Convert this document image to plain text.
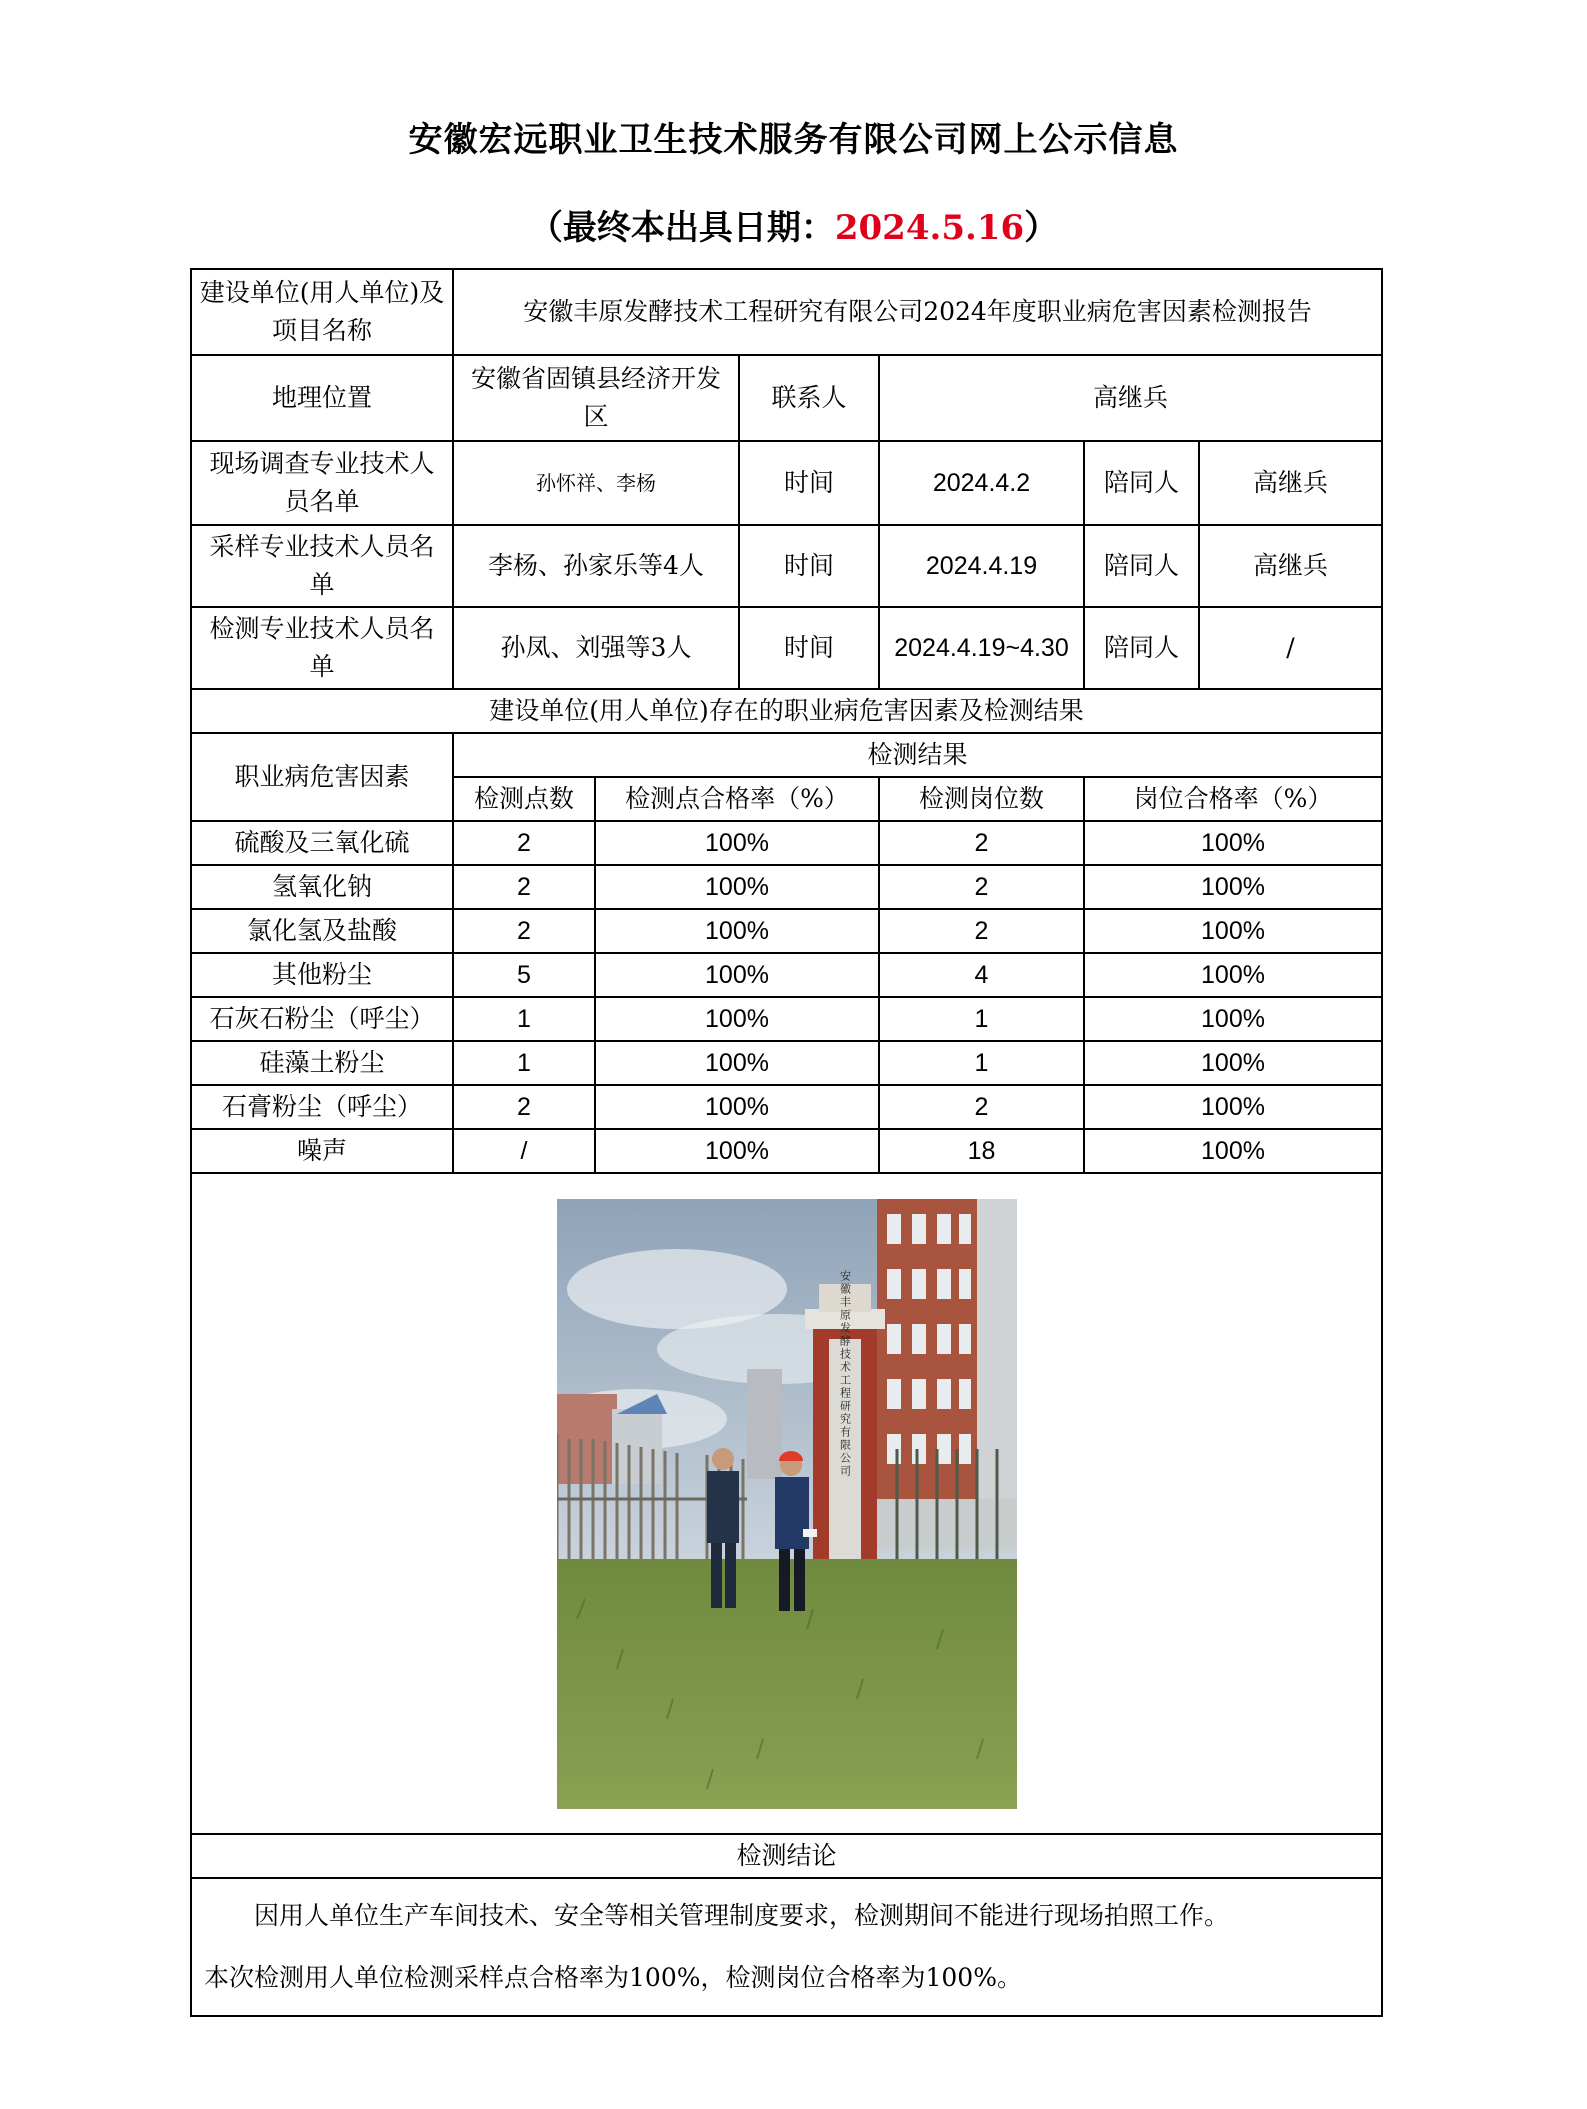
安徽宏远职业卫生技术服务有限公司网上公示信息
（最终本出具日期：2024.5.16）
建设单位(用人单位)及项目名称	安徽丰原发酵技术工程研究有限公司2024年度职业病危害因素检测报告					
地理位置	安徽省固镇县经济开发区		联系人	高继兵		
现场调查专业技术人员名单	孙怀祥、李杨		时间	2024.4.2	陪同人	高继兵
采样专业技术人员名单	李杨、孙家乐等4人		时间	2024.4.19	陪同人	高继兵
检测专业技术人员名单	孙凤、刘强等3人		时间	2024.4.19~4.30	陪同人	/
建设单位(用人单位)存在的职业病危害因素及检测结果						
职业病危害因素	检测结果					
	检测点数	检测点合格率（%）		检测岗位数	岗位合格率（%）	
硫酸及三氧化硫	2	100%		2	100%	
氢氧化钠	2	100%		2	100%	
氯化氢及盐酸	2	100%		2	100%	
其他粉尘	5	100%		4	100%	
石灰石粉尘（呼尘）	1	100%		1	100%	
硅藻土粉尘	1	100%		1	100%	
石膏粉尘（呼尘）	2	100%		2	100%	
噪声	/	100%		18	100%	

安徽丰原发酵技术工程研究有限公司						

检测结论						

因用人单位生产车间技术、安全等相关管理制度要求，检测期间不能进行现场拍照工作。

本次检测用人单位检测采样点合格率为100%，检测岗位合格率为100%。						
